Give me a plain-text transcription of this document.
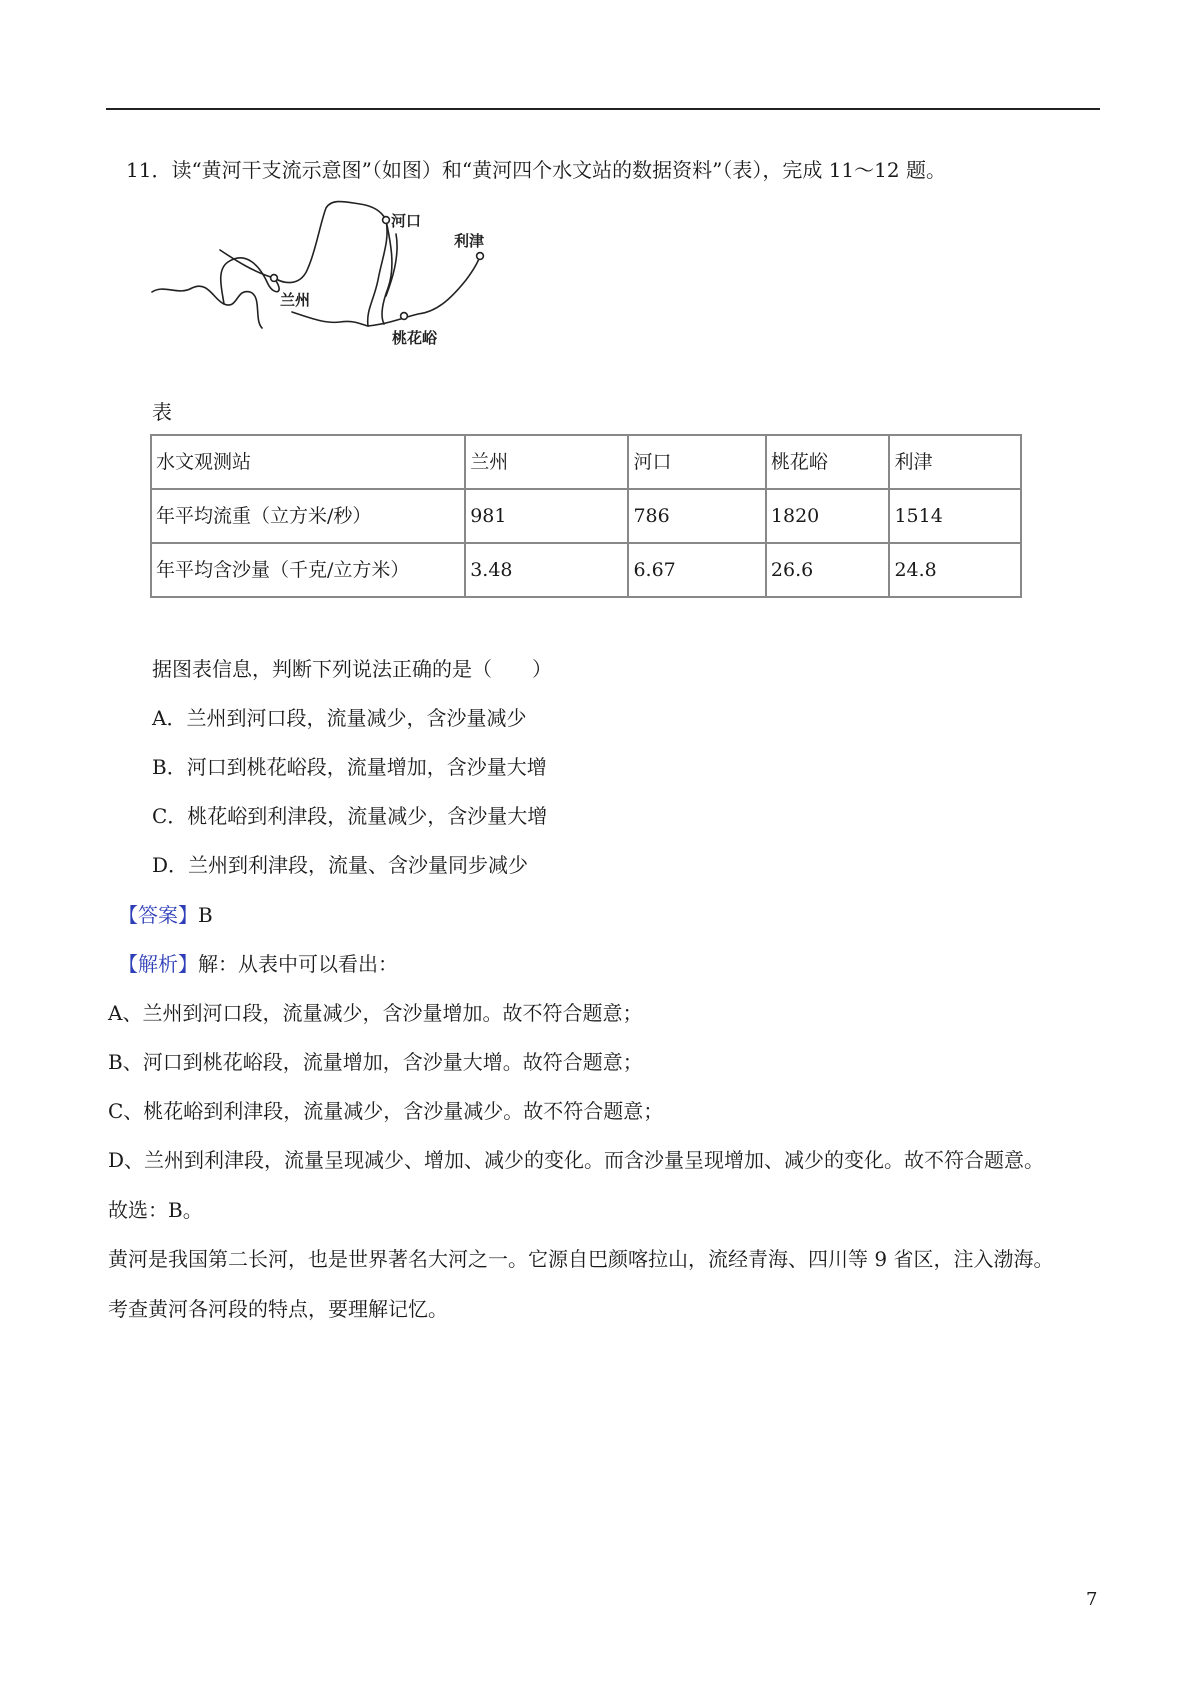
11．读“黄河干支流示意图”（如图）和“黄河四个水文站的数据资料”（表），完成 11～12 题。
河口
利津
兰州
桃花峪
表
水文观测站	兰州	河口	桃花峪	利津
年平均流重（立方米/秒）	981	786	1820	1514
年平均含沙量（千克/立方米）	3.48	6.67	26.6	24.8
据图表信息，判断下列说法正确的是（　　）
A．兰州到河口段，流量减少，含沙量减少
B．河口到桃花峪段，流量增加，含沙量大增
C．桃花峪到利津段，流量减少，含沙量大增
D．兰州到利津段，流量、含沙量同步减少
【答案】B
【解析】解：从表中可以看出：
A、兰州到河口段，流量减少，含沙量增加。故不符合题意；
B、河口到桃花峪段，流量增加，含沙量大增。故符合题意；
C、桃花峪到利津段，流量减少，含沙量减少。故不符合题意；
D、兰州到利津段，流量呈现减少、增加、减少的变化。而含沙量呈现增加、减少的变化。故不符合题意。
故选：B。
黄河是我国第二长河，也是世界著名大河之一。它源自巴颜喀拉山，流经青海、四川等 9 省区，注入渤海。
考查黄河各河段的特点，要理解记忆。
7
